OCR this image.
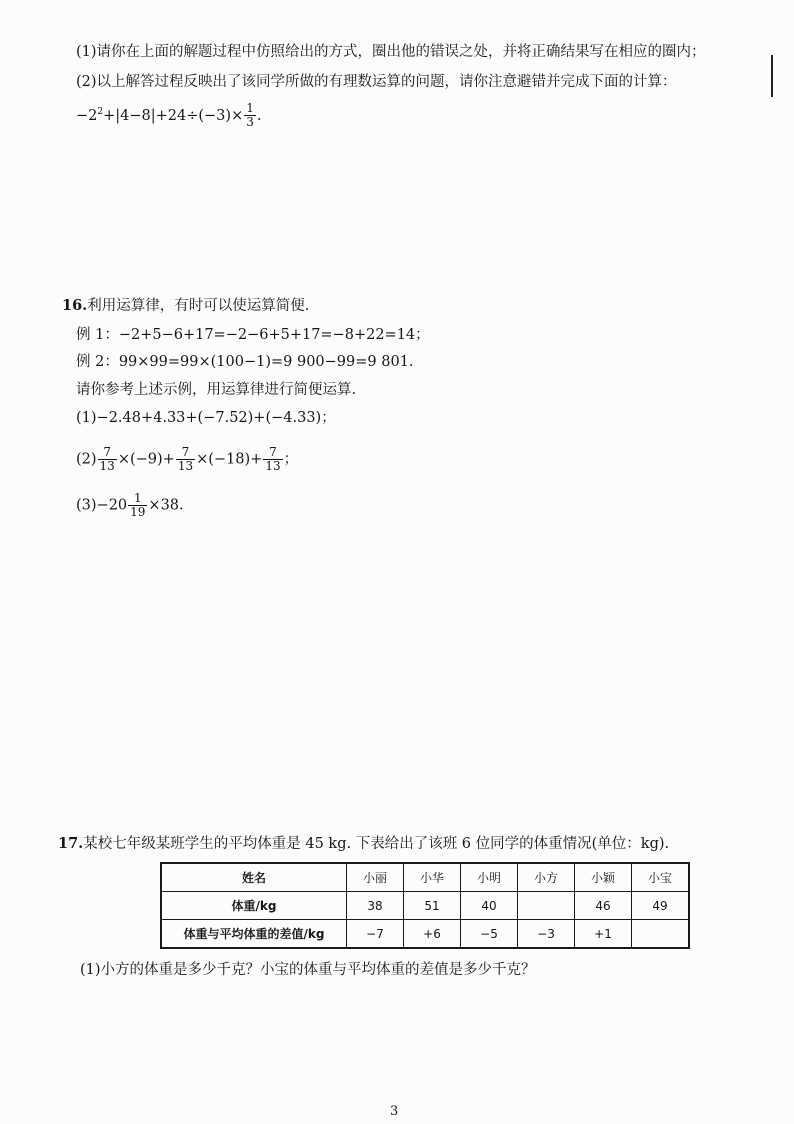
(1)请你在上面的解题过程中仿照给出的方式，圈出他的错误之处，并将正确结果写在相应的圈内；
(2)以上解答过程反映出了该同学所做的有理数运算的问题，请你注意避错并完成下面的计算：
$-2^2+|4-8|+24\div(-3)\times \frac{1}{3}$ .
16.利用运算律，有时可以使运算简便.
例 1：−2+5−6+17=−2−6+5+17=−8+22=14；
例 2：99×99=99×(100−1)=9 900−99=9 801.
请你参考上述示例，用运算律进行简便运算.
(1)−2.48+4.33+(−7.52)+(−4.33)；
$(2) \frac{7}{13} \times(-9)+ \frac{7}{13} \times(-18)+ \frac{7}{13}$ ；
$(3)-20 \frac{1}{19} \times 38$.
17.某校七年级某班学生的平均体重是 45 kg. 下表给出了该班 6 位同学的体重情况(单位：kg).
姓名	小丽	小华	小明	小方	小颖	小宝
体重/kg	38	51	40		46	49
体重与平均体重的差值/kg	−7	+6	−5	−3	+1	
(1)小方的体重是多少千克？小宝的体重与平均体重的差值是多少千克？
3
